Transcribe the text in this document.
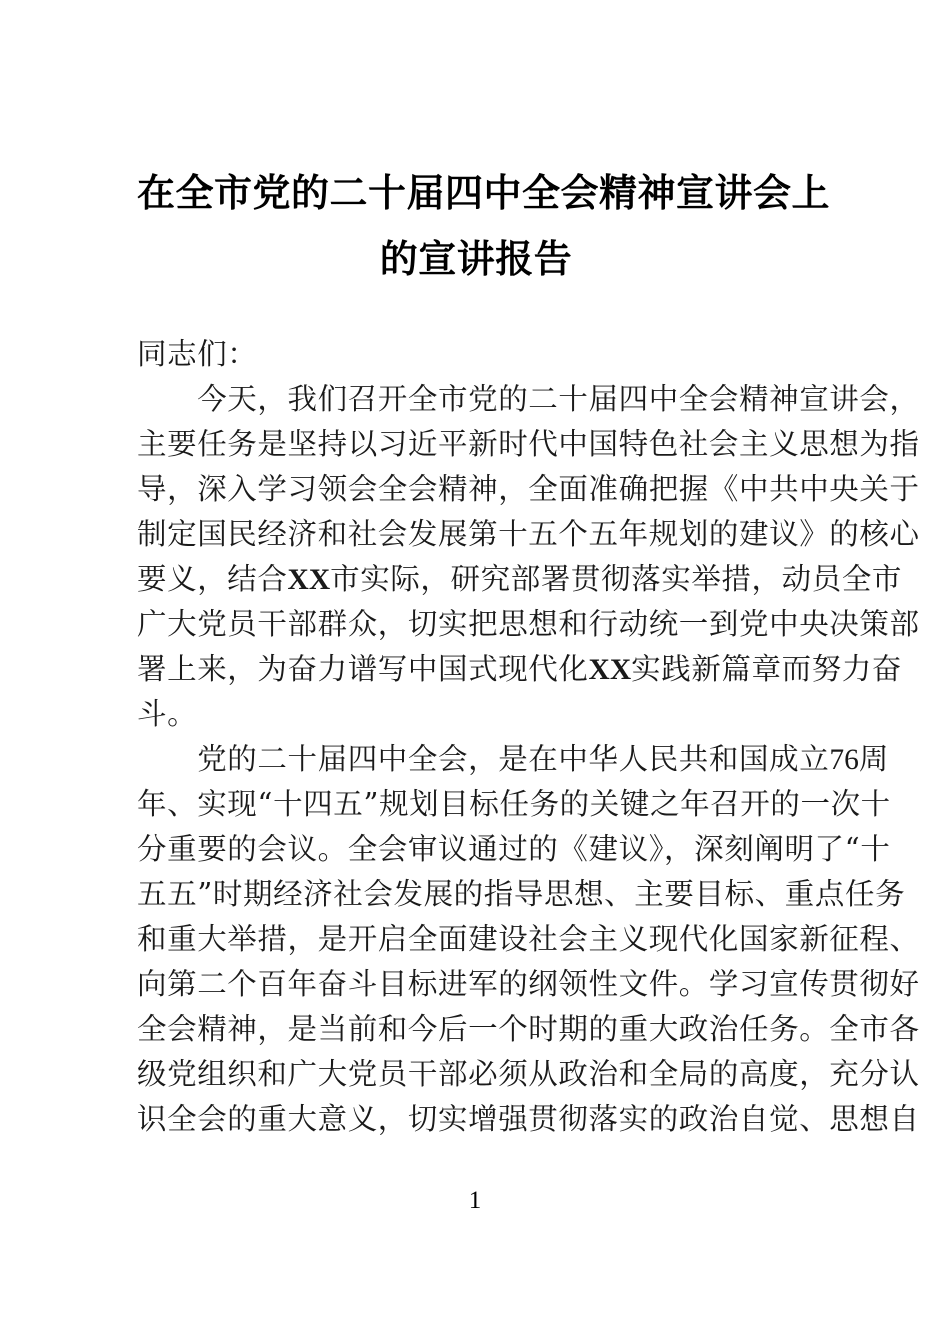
在全市党的二十届四中全会精神宣讲会上
的宣讲报告
同志们：
　　今天，我们召开全市党的二十届四中全会精神宣讲会，
主要任务是坚持以习近平新时代中国特色社会主义思想为指
导，深入学习领会全会精神，全面准确把握《中共中央关于
制定国民经济和社会发展第十五个五年规划的建议》的核心
要义，结合XX市实际，研究部署贯彻落实举措，动员全市
广大党员干部群众，切实把思想和行动统一到党中央决策部
署上来，为奋力谱写中国式现代化XX实践新篇章而努力奋
斗。
　　党的二十届四中全会，是在中华人民共和国成立76周
年、实现“十四五”规划目标任务的关键之年召开的一次十
分重要的会议。全会审议通过的《建议》，深刻阐明了“十
五五”时期经济社会发展的指导思想、主要目标、重点任务
和重大举措，是开启全面建设社会主义现代化国家新征程、
向第二个百年奋斗目标进军的纲领性文件。学习宣传贯彻好
全会精神，是当前和今后一个时期的重大政治任务。全市各
级党组织和广大党员干部必须从政治和全局的高度，充分认
识全会的重大意义，切实增强贯彻落实的政治自觉、思想自
1
